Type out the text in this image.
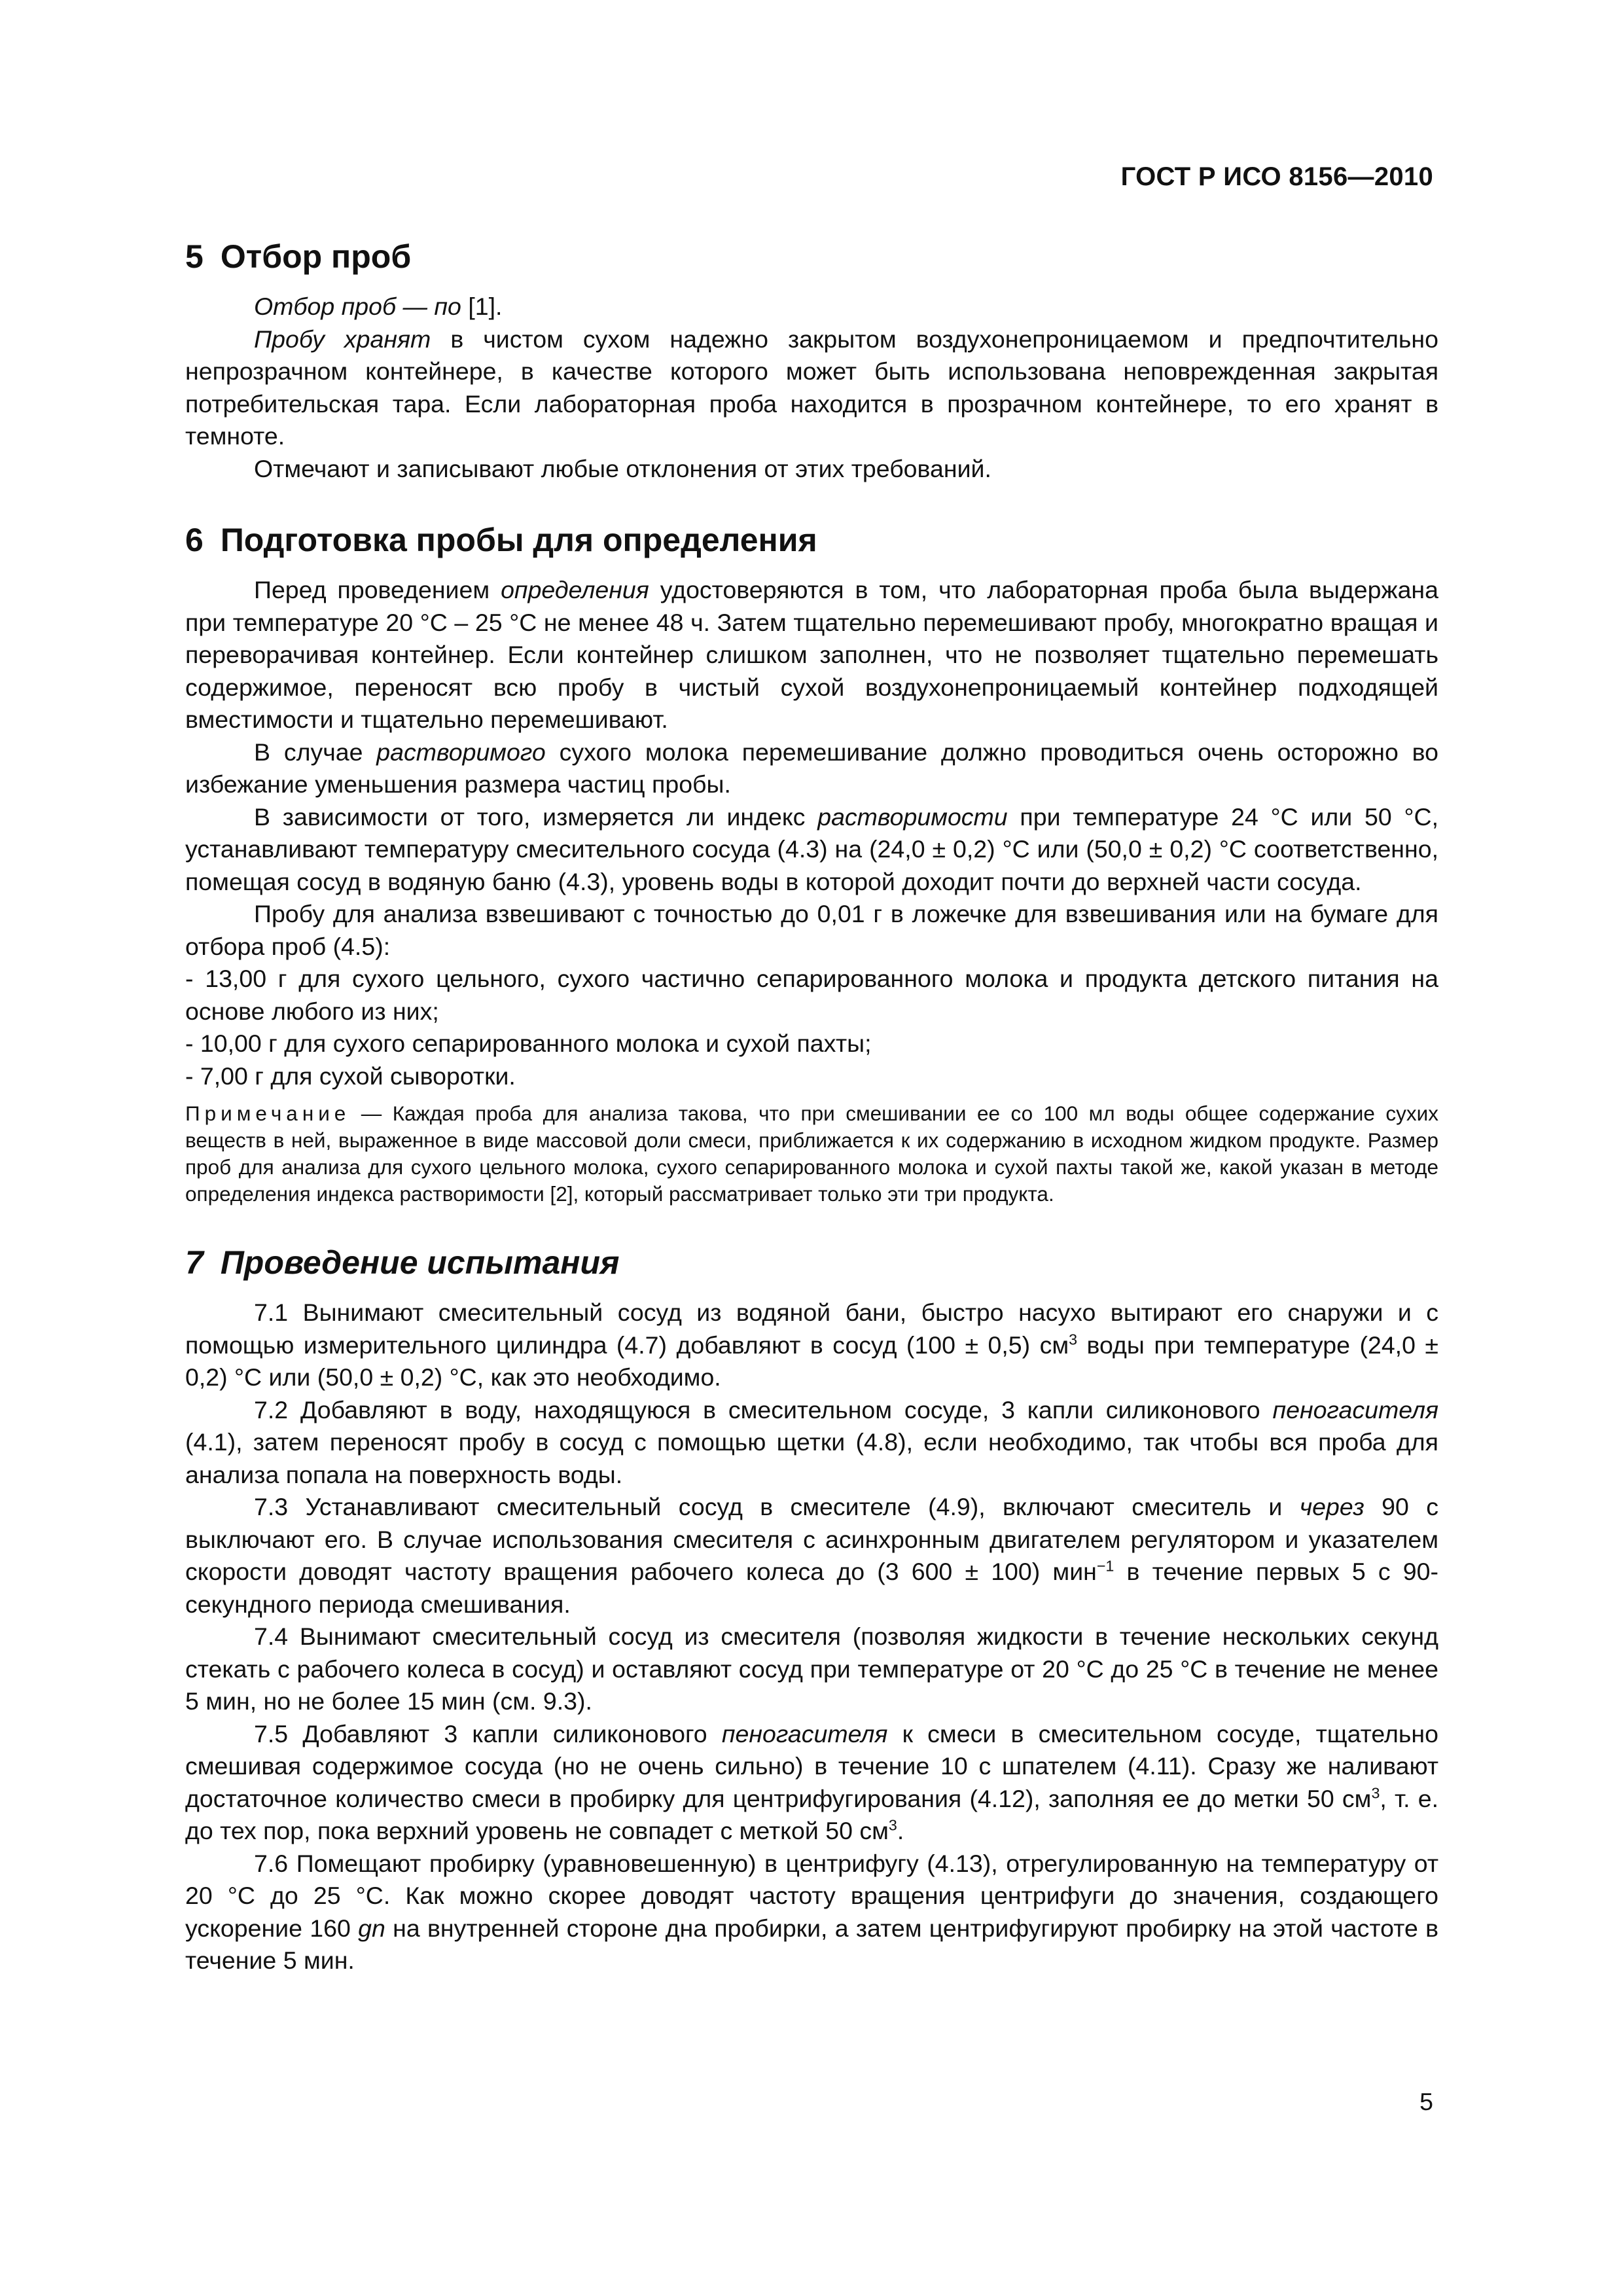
ГОСТ Р ИСО 8156—2010
5 Отбор проб

Отбор проб — по [1].

Пробу хранят в чистом сухом надежно закрытом воздухонепроницаемом и предпочтительно непрозрачном контейнере, в качестве которого может быть использована неповрежденная закрытая потребительская тара. Если лабораторная проба находится в прозрачном контейнере, то его хранят в темноте.

Отмечают и записывают любые отклонения от этих требований.

6 Подготовка пробы для определения

Перед проведением определения удостоверяются в том, что лабораторная проба была выдержана при температуре 20 °С – 25 °С не менее 48 ч. Затем тщательно перемешивают пробу, многократно вращая и переворачивая контейнер. Если контейнер слишком заполнен, что не позволяет тщательно перемешать содержимое, переносят всю пробу в чистый сухой воздухонепроницаемый контейнер подходящей вместимости и тщательно перемешивают.

В случае растворимого сухого молока перемешивание должно проводиться очень осторожно во избежание уменьшения размера частиц пробы.

В зависимости от того, измеряется ли индекс растворимости при температуре 24 °С или 50 °С, устанавливают температуру смесительного сосуда (4.3) на (24,0 ± 0,2) °С или (50,0 ± 0,2) °С соответственно, помещая сосуд в водяную баню (4.3), уровень воды в которой доходит почти до верхней части сосуда.

Пробу для анализа взвешивают с точностью до 0,01 г в ложечке для взвешивания или на бумаге для отбора проб (4.5):

- 13,00 г для сухого цельного, сухого частично сепарированного молока и продукта детского питания на основе любого из них;

- 10,00 г для сухого сепарированного молока и сухой пахты;

- 7,00 г для сухой сыворотки.

Примечание — Каждая проба для анализа такова, что при смешивании ее со 100 мл воды общее содержание сухих веществ в ней, выраженное в виде массовой доли смеси, приближается к их содержанию в исходном жидком продукте. Размер проб для анализа для сухого цельного молока, сухого сепарированного молока и сухой пахты такой же, какой указан в методе определения индекса растворимости [2], который рассматривает только эти три продукта.

7 Проведение испытания

7.1 Вынимают смесительный сосуд из водяной бани, быстро насухо вытирают его снаружи и с помощью измерительного цилиндра (4.7) добавляют в сосуд (100 ± 0,5) $см^3$ воды при температуре (24,0 ± 0,2) °С или (50,0 ± 0,2) °С, как это необходимо.

7.2 Добавляют в воду, находящуюся в смесительном сосуде, 3 капли силиконового пеногасителя (4.1), затем переносят пробу в сосуд с помощью щетки (4.8), если необходимо, так чтобы вся проба для анализа попала на поверхность воды.

7.3 Устанавливают смесительный сосуд в смесителе (4.9), включают смеситель и через 90 с выключают его. В случае использования смесителя с асинхронным двигателем регулятором и указателем скорости доводят частоту вращения рабочего колеса до (3 600 ± 100) мин$^{-1}$ в течение первых 5 с 90-секундного периода смешивания.

7.4 Вынимают смесительный сосуд из смесителя (позволяя жидкости в течение нескольких секунд стекать с рабочего колеса в сосуд) и оставляют сосуд при температуре от 20 °С до 25 °С в течение не менее 5 мин, но не более 15 мин (см. 9.3).

7.5 Добавляют 3 капли силиконового пеногасителя к смеси в смесительном сосуде, тщательно смешивая содержимое сосуда (но не очень сильно) в течение 10 с шпателем (4.11). Сразу же наливают достаточное количество смеси в пробирку для центрифугирования (4.12), заполняя ее до метки 50 $см^3$, т. е. до тех пор, пока верхний уровень не совпадет с меткой 50 $см^3$.

7.6 Помещают пробирку (уравновешенную) в центрифугу (4.13), отрегулированную на температуру от 20 °С до 25 °С. Как можно скорее доводят частоту вращения центрифуги до значения, создающего ускорение 160 gn на внутренней стороне дна пробирки, а затем центрифугируют пробирку на этой частоте в течение 5 мин.

5
